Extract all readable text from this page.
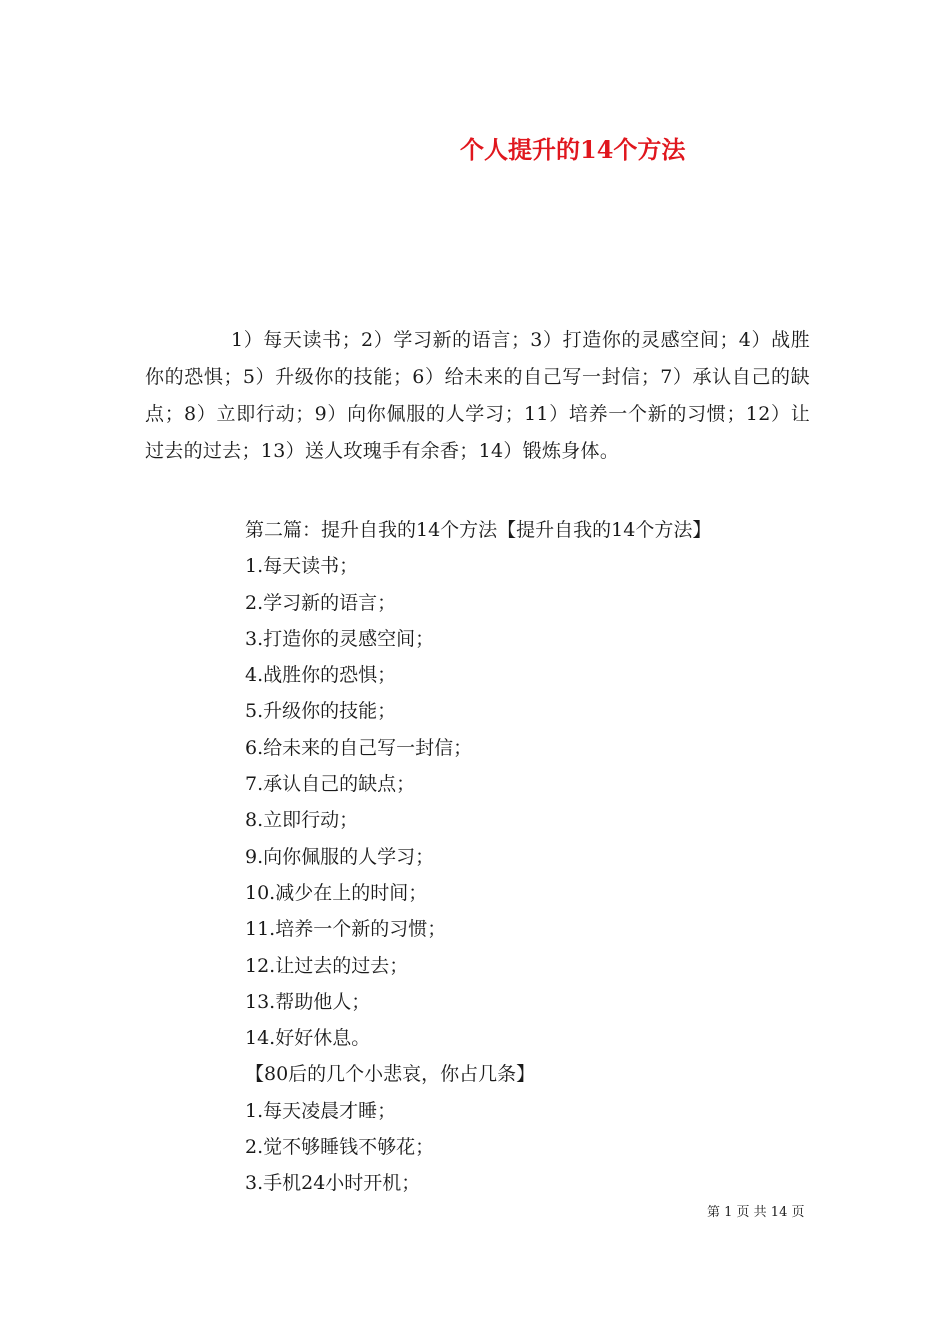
个人提升的14个方法

1）每天读书；2）学习新的语言；3）打造你的灵感空间；4）战胜你的恐惧；5）升级你的技能；6）给未来的自己写一封信；7）承认自己的缺点；8）立即行动；9）向你佩服的人学习；11）培养一个新的习惯；12）让过去的过去；13）送人玫瑰手有余香；14）锻炼身体。

第二篇：提升自我的14个方法【提升自我的14个方法】
1.每天读书；
2.学习新的语言；
3.打造你的灵感空间；
4.战胜你的恐惧；
5.升级你的技能；
6.给未来的自己写一封信；
7.承认自己的缺点；
8.立即行动；
9.向你佩服的人学习；
10.减少在上的时间；
11.培养一个新的习惯；
12.让过去的过去；
13.帮助他人；
14.好好休息。
【80后的几个小悲哀，你占几条】
1.每天凌晨才睡；
2.觉不够睡钱不够花；
3.手机24小时开机；
第 1 页 共 14 页
